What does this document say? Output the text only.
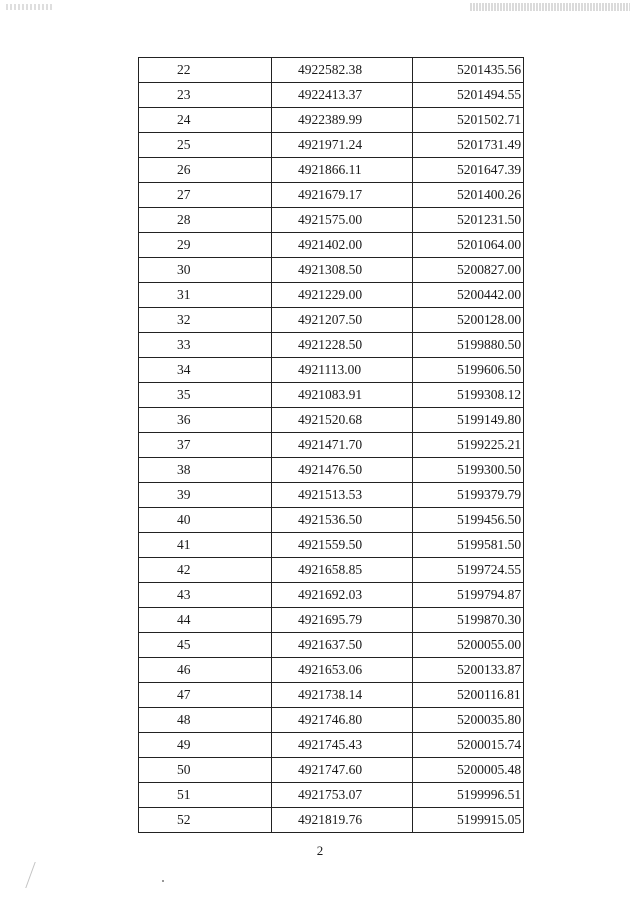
22	4922582.38	5201435.56
23	4922413.37	5201494.55
24	4922389.99	5201502.71
25	4921971.24	5201731.49
26	4921866.11	5201647.39
27	4921679.17	5201400.26
28	4921575.00	5201231.50
29	4921402.00	5201064.00
30	4921308.50	5200827.00
31	4921229.00	5200442.00
32	4921207.50	5200128.00
33	4921228.50	5199880.50
34	4921113.00	5199606.50
35	4921083.91	5199308.12
36	4921520.68	5199149.80
37	4921471.70	5199225.21
38	4921476.50	5199300.50
39	4921513.53	5199379.79
40	4921536.50	5199456.50
41	4921559.50	5199581.50
42	4921658.85	5199724.55
43	4921692.03	5199794.87
44	4921695.79	5199870.30
45	4921637.50	5200055.00
46	4921653.06	5200133.87
47	4921738.14	5200116.81
48	4921746.80	5200035.80
49	4921745.43	5200015.74
50	4921747.60	5200005.48
51	4921753.07	5199996.51
52	4921819.76	5199915.05
2
